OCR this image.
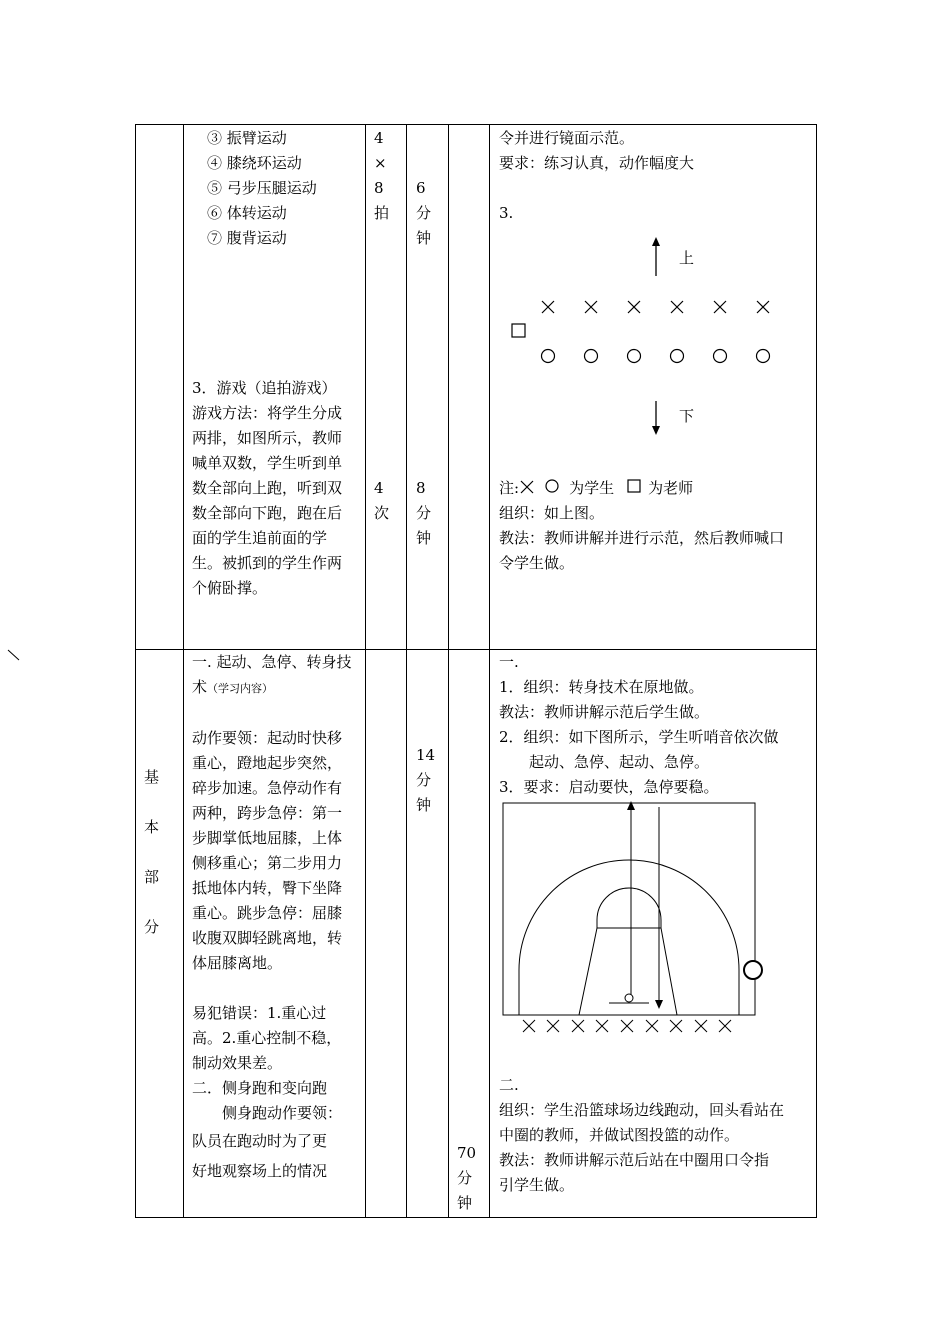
③ 振臂运动

④ 膝绕环运动

⑤ 弓步压腿运动

⑥ 体转运动

⑦ 腹背运动

3．游戏（追拍游戏）

游戏方法：将学生分成

两排，如图所示，教师

喊单双数，学生听到单

数全部向上跑，听到双

数全部向下跑，跑在后

面的学生追前面的学

生。被抓到的学生作两

个俯卧撑。

4

×

8

拍

4

次

6

分

钟

8

分

钟

令并进行镜面示范。

要求：练习认真，动作幅度大

3.
上
下
注:	为学生 为老师

组织：如上图。

教法：教师讲解并进行示范，然后教师喊口

令学生做。

基

本

部

分

一. 起动、急停、转身技

术（学习内容）

动作要领：起动时快移

重心，蹬地起步突然，

碎步加速。急停动作有

两种，跨步急停：第一

步脚掌低地屈膝，上体

侧移重心；第二步用力

抵地体内转，臀下坐降

重心。跳步急停：屈膝

收腹双脚轻跳离地，转

体屈膝离地。

易犯错误：1.重心过

高。2.重心控制不稳，

制动效果差。

二．侧身跑和变向跑

　　侧身跑动作要领：

队员在跑动时为了更

好地观察场上的情况

14

分

钟

70

分

钟

一.

1．组织：转身技术在原地做。

教法：教师讲解示范后学生做。

2．组织：如下图所示，学生听哨音依次做

　　起动、急停、起动、急停。

3．要求：启动要快，急停要稳。

二.

组织：学生沿篮球场边线跑动，回头看站在

中圈的教师，并做试图投篮的动作。

教法：教师讲解示范后站在中圈用口令指

引学生做。
